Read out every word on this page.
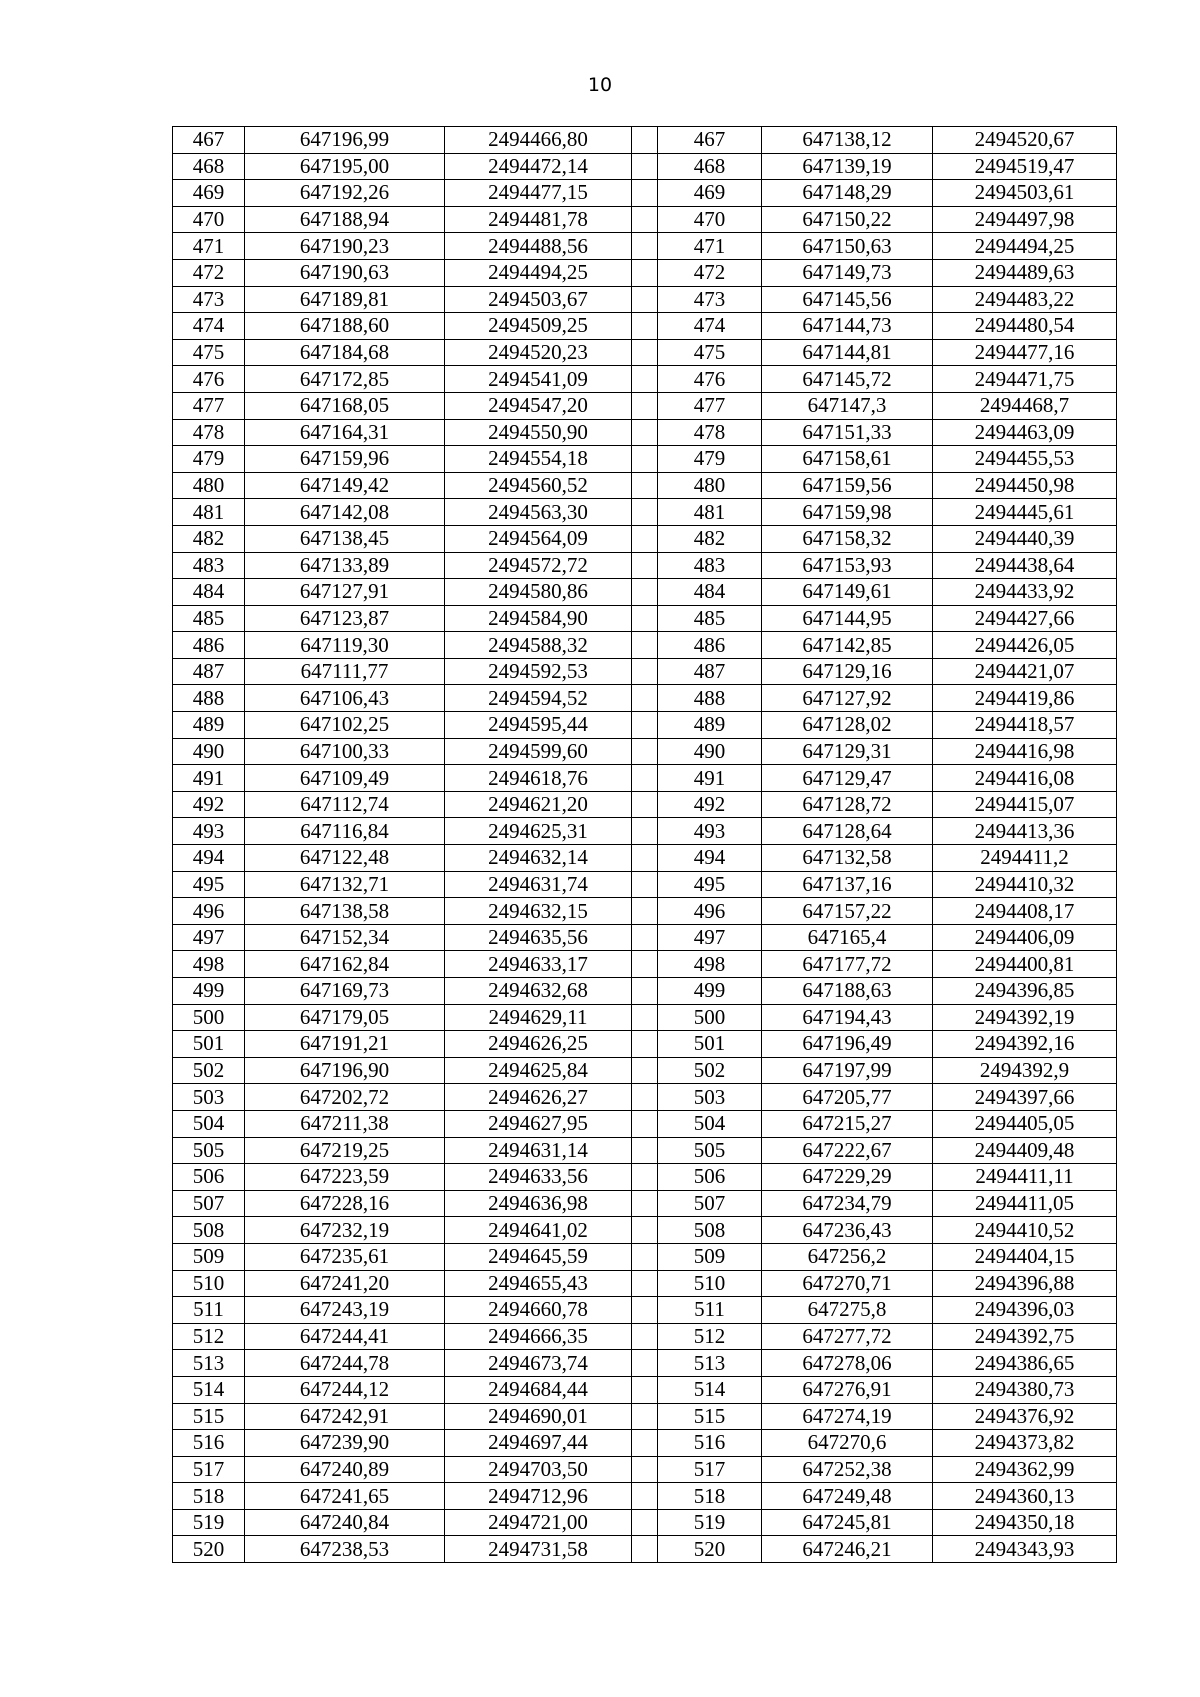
10
467	647196,99	2494466,80		467	647138,12	2494520,67
468	647195,00	2494472,14		468	647139,19	2494519,47
469	647192,26	2494477,15		469	647148,29	2494503,61
470	647188,94	2494481,78		470	647150,22	2494497,98
471	647190,23	2494488,56		471	647150,63	2494494,25
472	647190,63	2494494,25		472	647149,73	2494489,63
473	647189,81	2494503,67		473	647145,56	2494483,22
474	647188,60	2494509,25		474	647144,73	2494480,54
475	647184,68	2494520,23		475	647144,81	2494477,16
476	647172,85	2494541,09		476	647145,72	2494471,75
477	647168,05	2494547,20		477	647147,3	2494468,7
478	647164,31	2494550,90		478	647151,33	2494463,09
479	647159,96	2494554,18		479	647158,61	2494455,53
480	647149,42	2494560,52		480	647159,56	2494450,98
481	647142,08	2494563,30		481	647159,98	2494445,61
482	647138,45	2494564,09		482	647158,32	2494440,39
483	647133,89	2494572,72		483	647153,93	2494438,64
484	647127,91	2494580,86		484	647149,61	2494433,92
485	647123,87	2494584,90		485	647144,95	2494427,66
486	647119,30	2494588,32		486	647142,85	2494426,05
487	647111,77	2494592,53		487	647129,16	2494421,07
488	647106,43	2494594,52		488	647127,92	2494419,86
489	647102,25	2494595,44		489	647128,02	2494418,57
490	647100,33	2494599,60		490	647129,31	2494416,98
491	647109,49	2494618,76		491	647129,47	2494416,08
492	647112,74	2494621,20		492	647128,72	2494415,07
493	647116,84	2494625,31		493	647128,64	2494413,36
494	647122,48	2494632,14		494	647132,58	2494411,2
495	647132,71	2494631,74		495	647137,16	2494410,32
496	647138,58	2494632,15		496	647157,22	2494408,17
497	647152,34	2494635,56		497	647165,4	2494406,09
498	647162,84	2494633,17		498	647177,72	2494400,81
499	647169,73	2494632,68		499	647188,63	2494396,85
500	647179,05	2494629,11		500	647194,43	2494392,19
501	647191,21	2494626,25		501	647196,49	2494392,16
502	647196,90	2494625,84		502	647197,99	2494392,9
503	647202,72	2494626,27		503	647205,77	2494397,66
504	647211,38	2494627,95		504	647215,27	2494405,05
505	647219,25	2494631,14		505	647222,67	2494409,48
506	647223,59	2494633,56		506	647229,29	2494411,11
507	647228,16	2494636,98		507	647234,79	2494411,05
508	647232,19	2494641,02		508	647236,43	2494410,52
509	647235,61	2494645,59		509	647256,2	2494404,15
510	647241,20	2494655,43		510	647270,71	2494396,88
511	647243,19	2494660,78		511	647275,8	2494396,03
512	647244,41	2494666,35		512	647277,72	2494392,75
513	647244,78	2494673,74		513	647278,06	2494386,65
514	647244,12	2494684,44		514	647276,91	2494380,73
515	647242,91	2494690,01		515	647274,19	2494376,92
516	647239,90	2494697,44		516	647270,6	2494373,82
517	647240,89	2494703,50		517	647252,38	2494362,99
518	647241,65	2494712,96		518	647249,48	2494360,13
519	647240,84	2494721,00		519	647245,81	2494350,18
520	647238,53	2494731,58		520	647246,21	2494343,93
